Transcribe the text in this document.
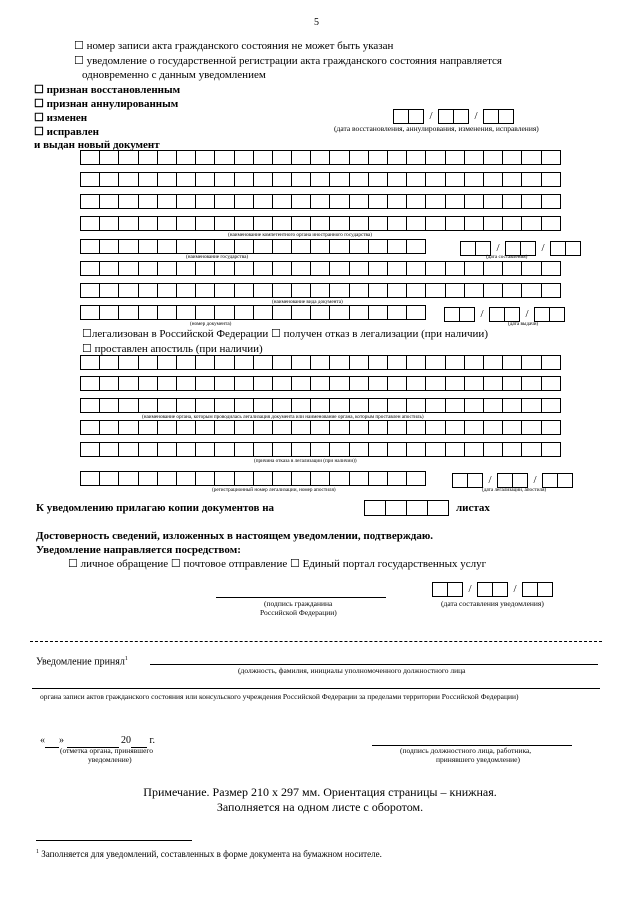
5
☐ номер записи акта гражданского состояния не может быть указан
☐ уведомление о государственной регистрации акта гражданского состояния направляется
одновременно с данным уведомлением
☐ признан восстановленным
☐ признан аннулированным
☐ изменен
☐ исправлен
и выдан новый документ
/	/
(дата восстановления, аннулирования, изменения, исправления)
(наименование компетентного органа иностранного государства)
/	/
(наименование государства)	(дата составления)
(наименование вида документа)
/	/
(номер документа)	(дата выдачи)
☐легализован в Российской Федерации ☐ получен отказ в легализации (при наличии)
☐ проставлен апостиль (при наличии)
(наименование органа, которым проводилась легализация документа или наименование органа, которым проставлен апостиль)
(причина отказа в легализации (при наличии))
/	/
(регистрационный номер легализации, номер апостиля)	(дата легализации, апостиля)
К уведомлению прилагаю копии документов на	листах
Достоверность сведений, изложенных в настоящем уведомлении, подтверждаю.
Уведомление направляется посредством:
☐ личное обращение ☐ почтовое отправление ☐ Единый портал государственных услуг
(подпись гражданина
Российской Федерации)
/	/
(дата составления уведомления)
Уведомление принял$^1$
(должность, фамилия, инициалы уполномоченного должностного лица
органа записи актов гражданского состояния или консульского учреждения Российской Федерации за пределами территории Российской Федерации)
« »	20 г.
(отметка органа, принявшего
уведомление)
(подпись должностного лица, работника,
принявшего уведомление)
Примечание. Размер 210 х 297 мм. Ориентация страницы – книжная.
Заполняется на одном листе с оборотом.
$^1$ Заполняется для уведомлений, составленных в форме документа на бумажном носителе.
